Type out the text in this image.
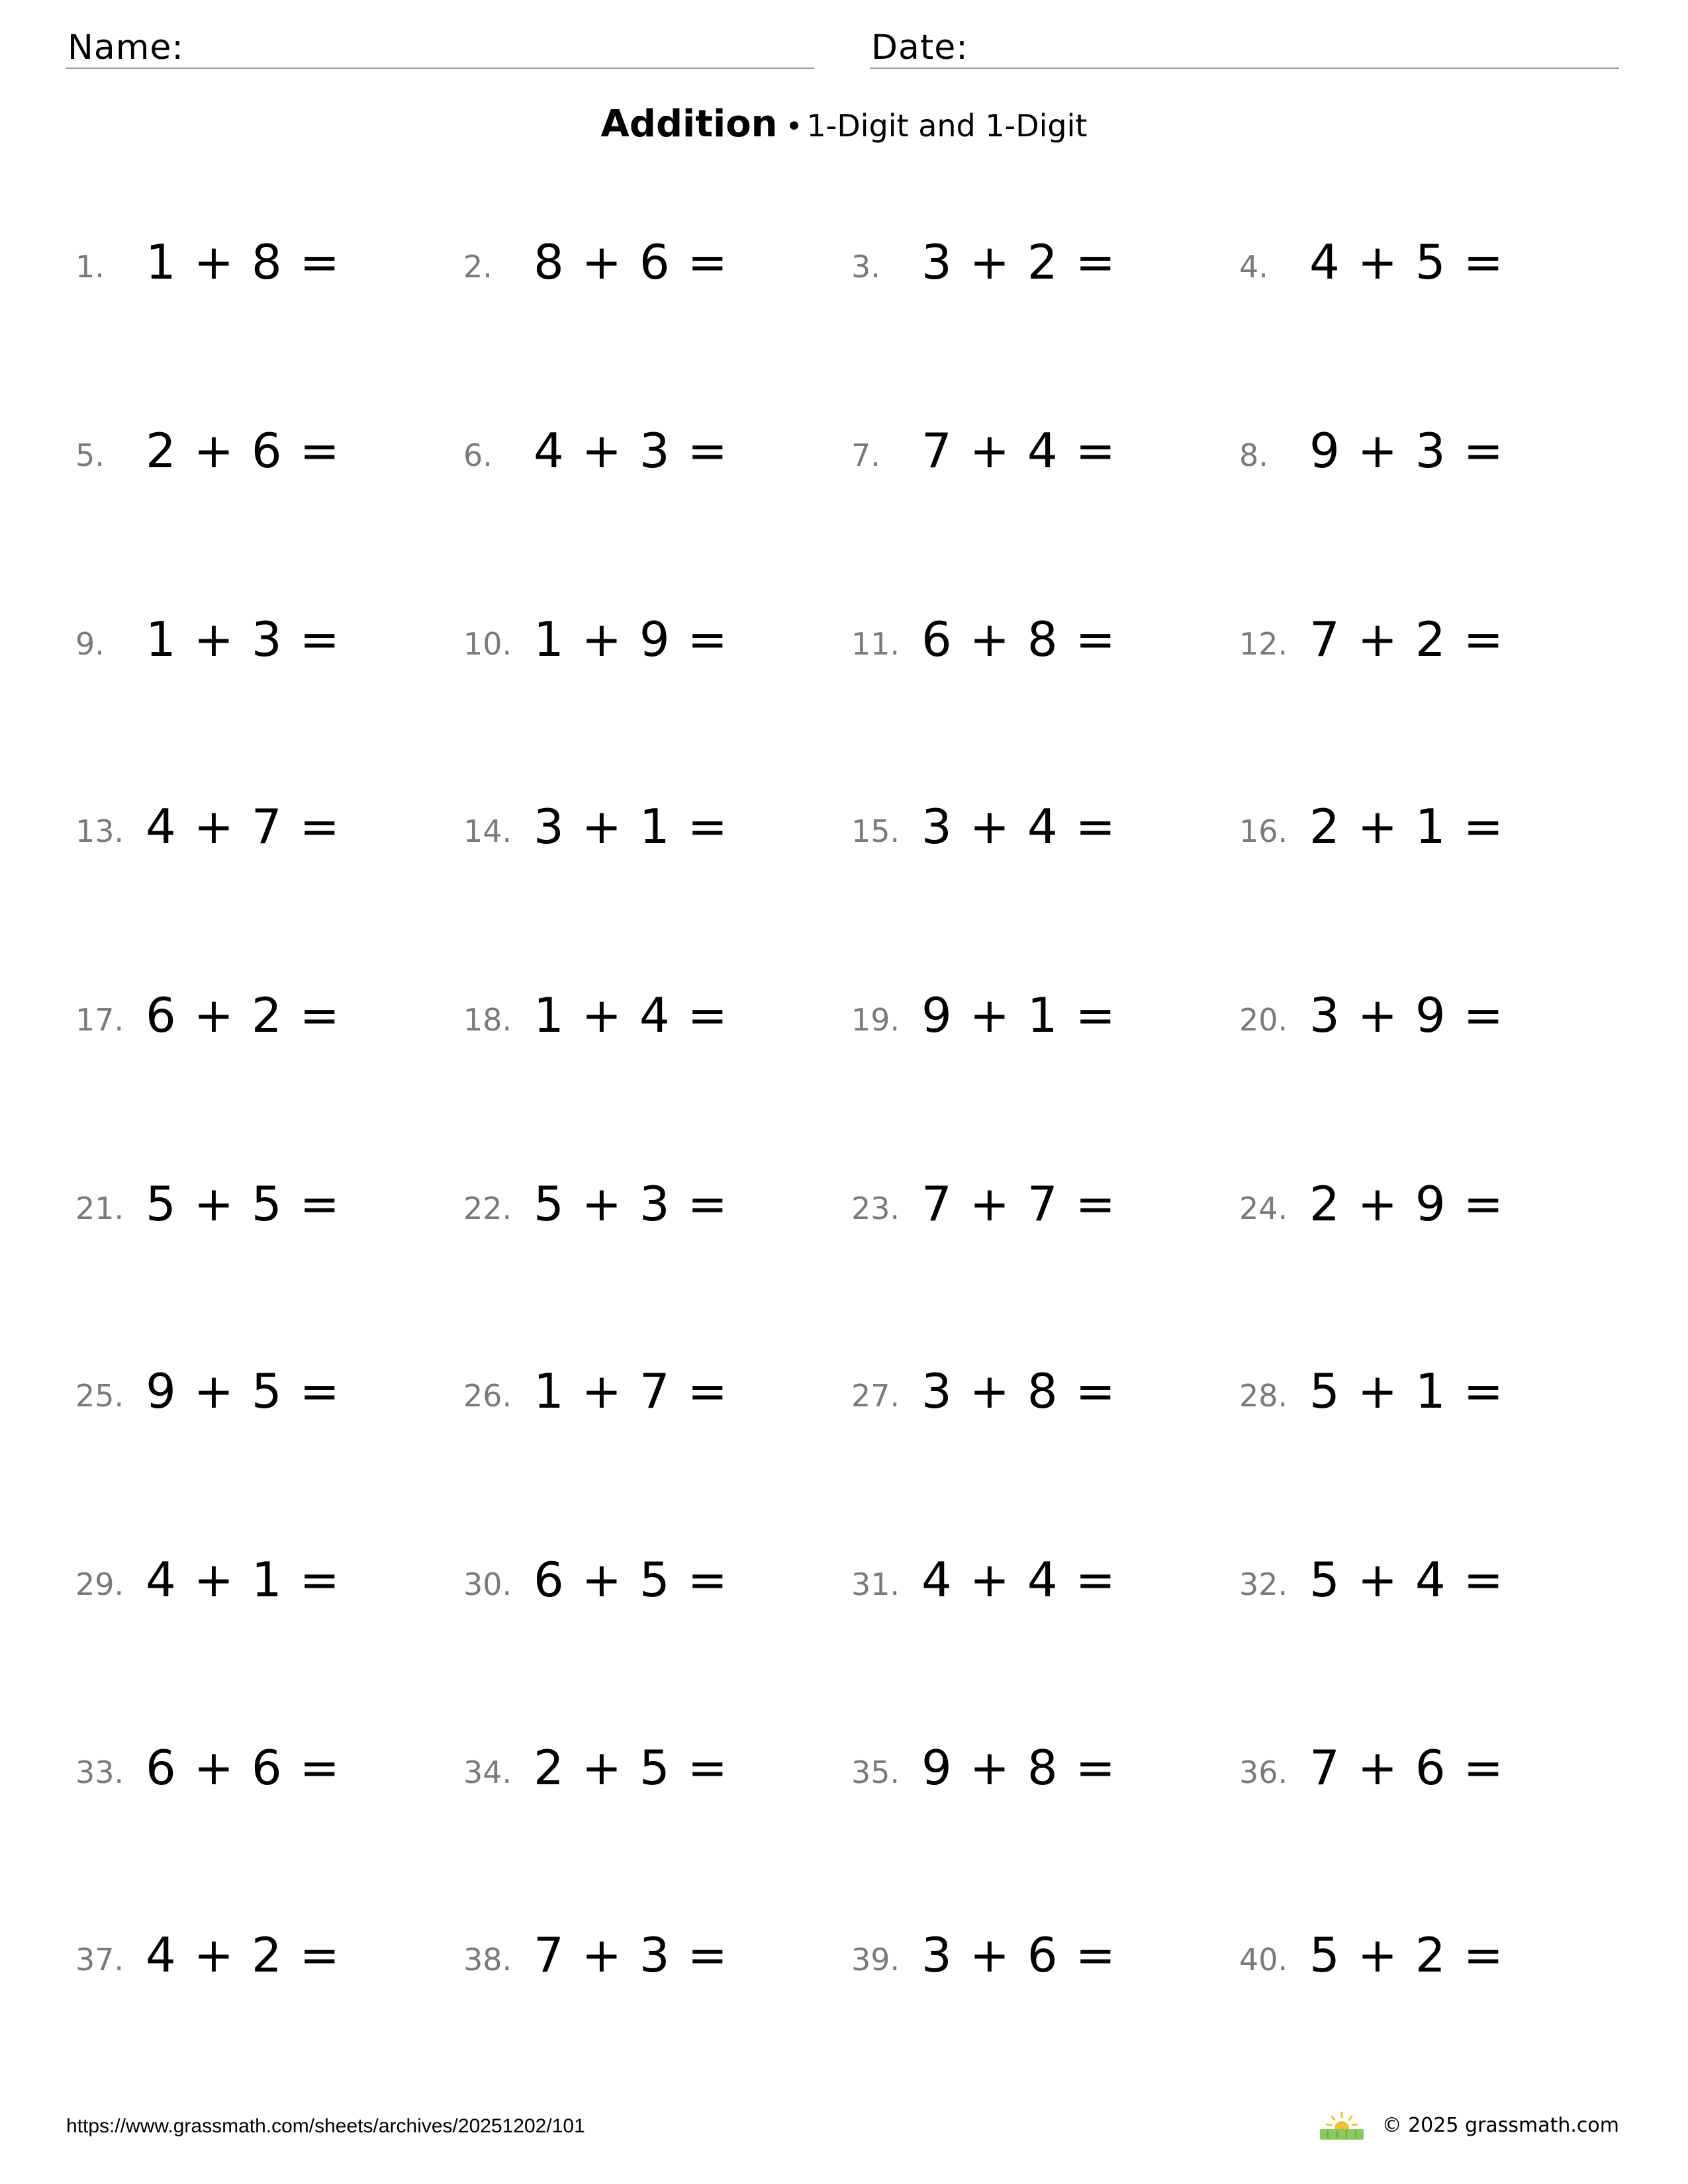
Name:	Date:
Addition • 1-Digit and 1-Digit
1. 1 + 8 =	2. 8 + 6 =	3. 3 + 2 =	4. 4 + 5 =
5. 2 + 6 =	6. 4 + 3 =	7. 7 + 4 =	8. 9 + 3 =
9. 1 + 3 =	10. 1 + 9 =	11. 6 + 8 =	12. 7 + 2 =
13. 4 + 7 =	14. 3 + 1 =	15. 3 + 4 =	16. 2 + 1 =
17. 6 + 2 =	18. 1 + 4 =	19. 9 + 1 =	20. 3 + 9 =
21. 5 + 5 =	22. 5 + 3 =	23. 7 + 7 =	24. 2 + 9 =
25. 9 + 5 =	26. 1 + 7 =	27. 3 + 8 =	28. 5 + 1 =
29. 4 + 1 =	30. 6 + 5 =	31. 4 + 4 =	32. 5 + 4 =
33. 6 + 6 =	34. 2 + 5 =	35. 9 + 8 =	36. 7 + 6 =
37. 4 + 2 =	38. 7 + 3 =	39. 3 + 6 =	40. 5 + 2 =
https://www.grassmath.com/sheets/archives/20251202/101	© 2025 grassmath.com
